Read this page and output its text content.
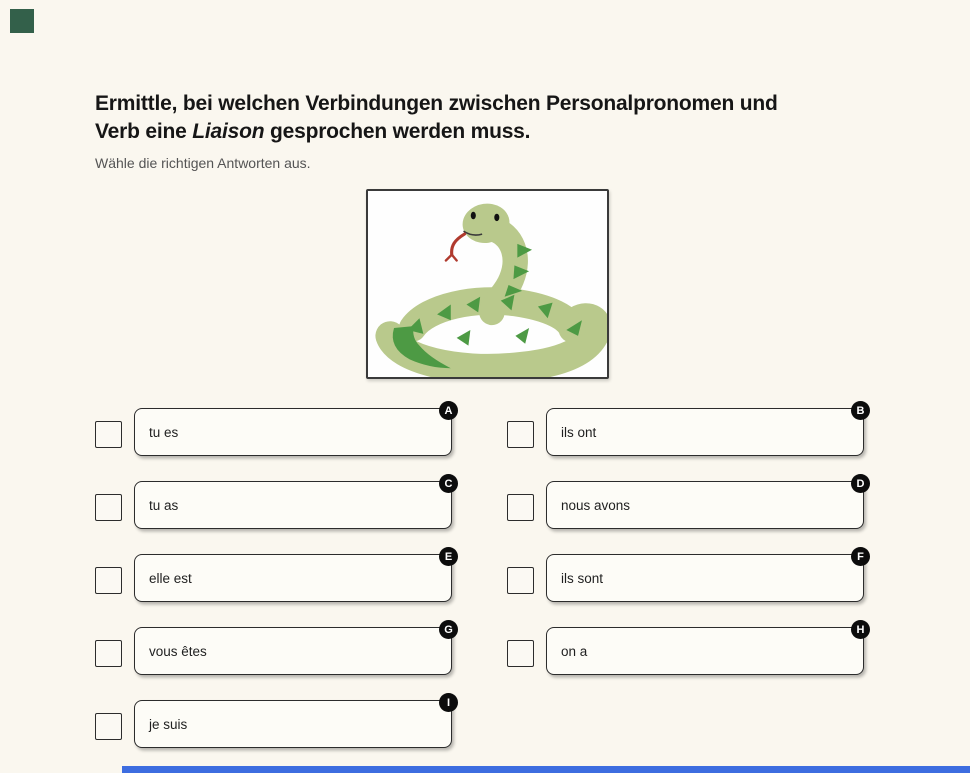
Ermittle, bei welchen Verbindungen zwischen Personalpronomen und
Verb eine Liaison gesprochen werden muss.
Wähle die richtigen Antworten aus.
tu es
A
tu as
C
elle est
E
vous êtes
G
je suis
I
ils ont
B
nous avons
D
ils sont
F
on a
H
